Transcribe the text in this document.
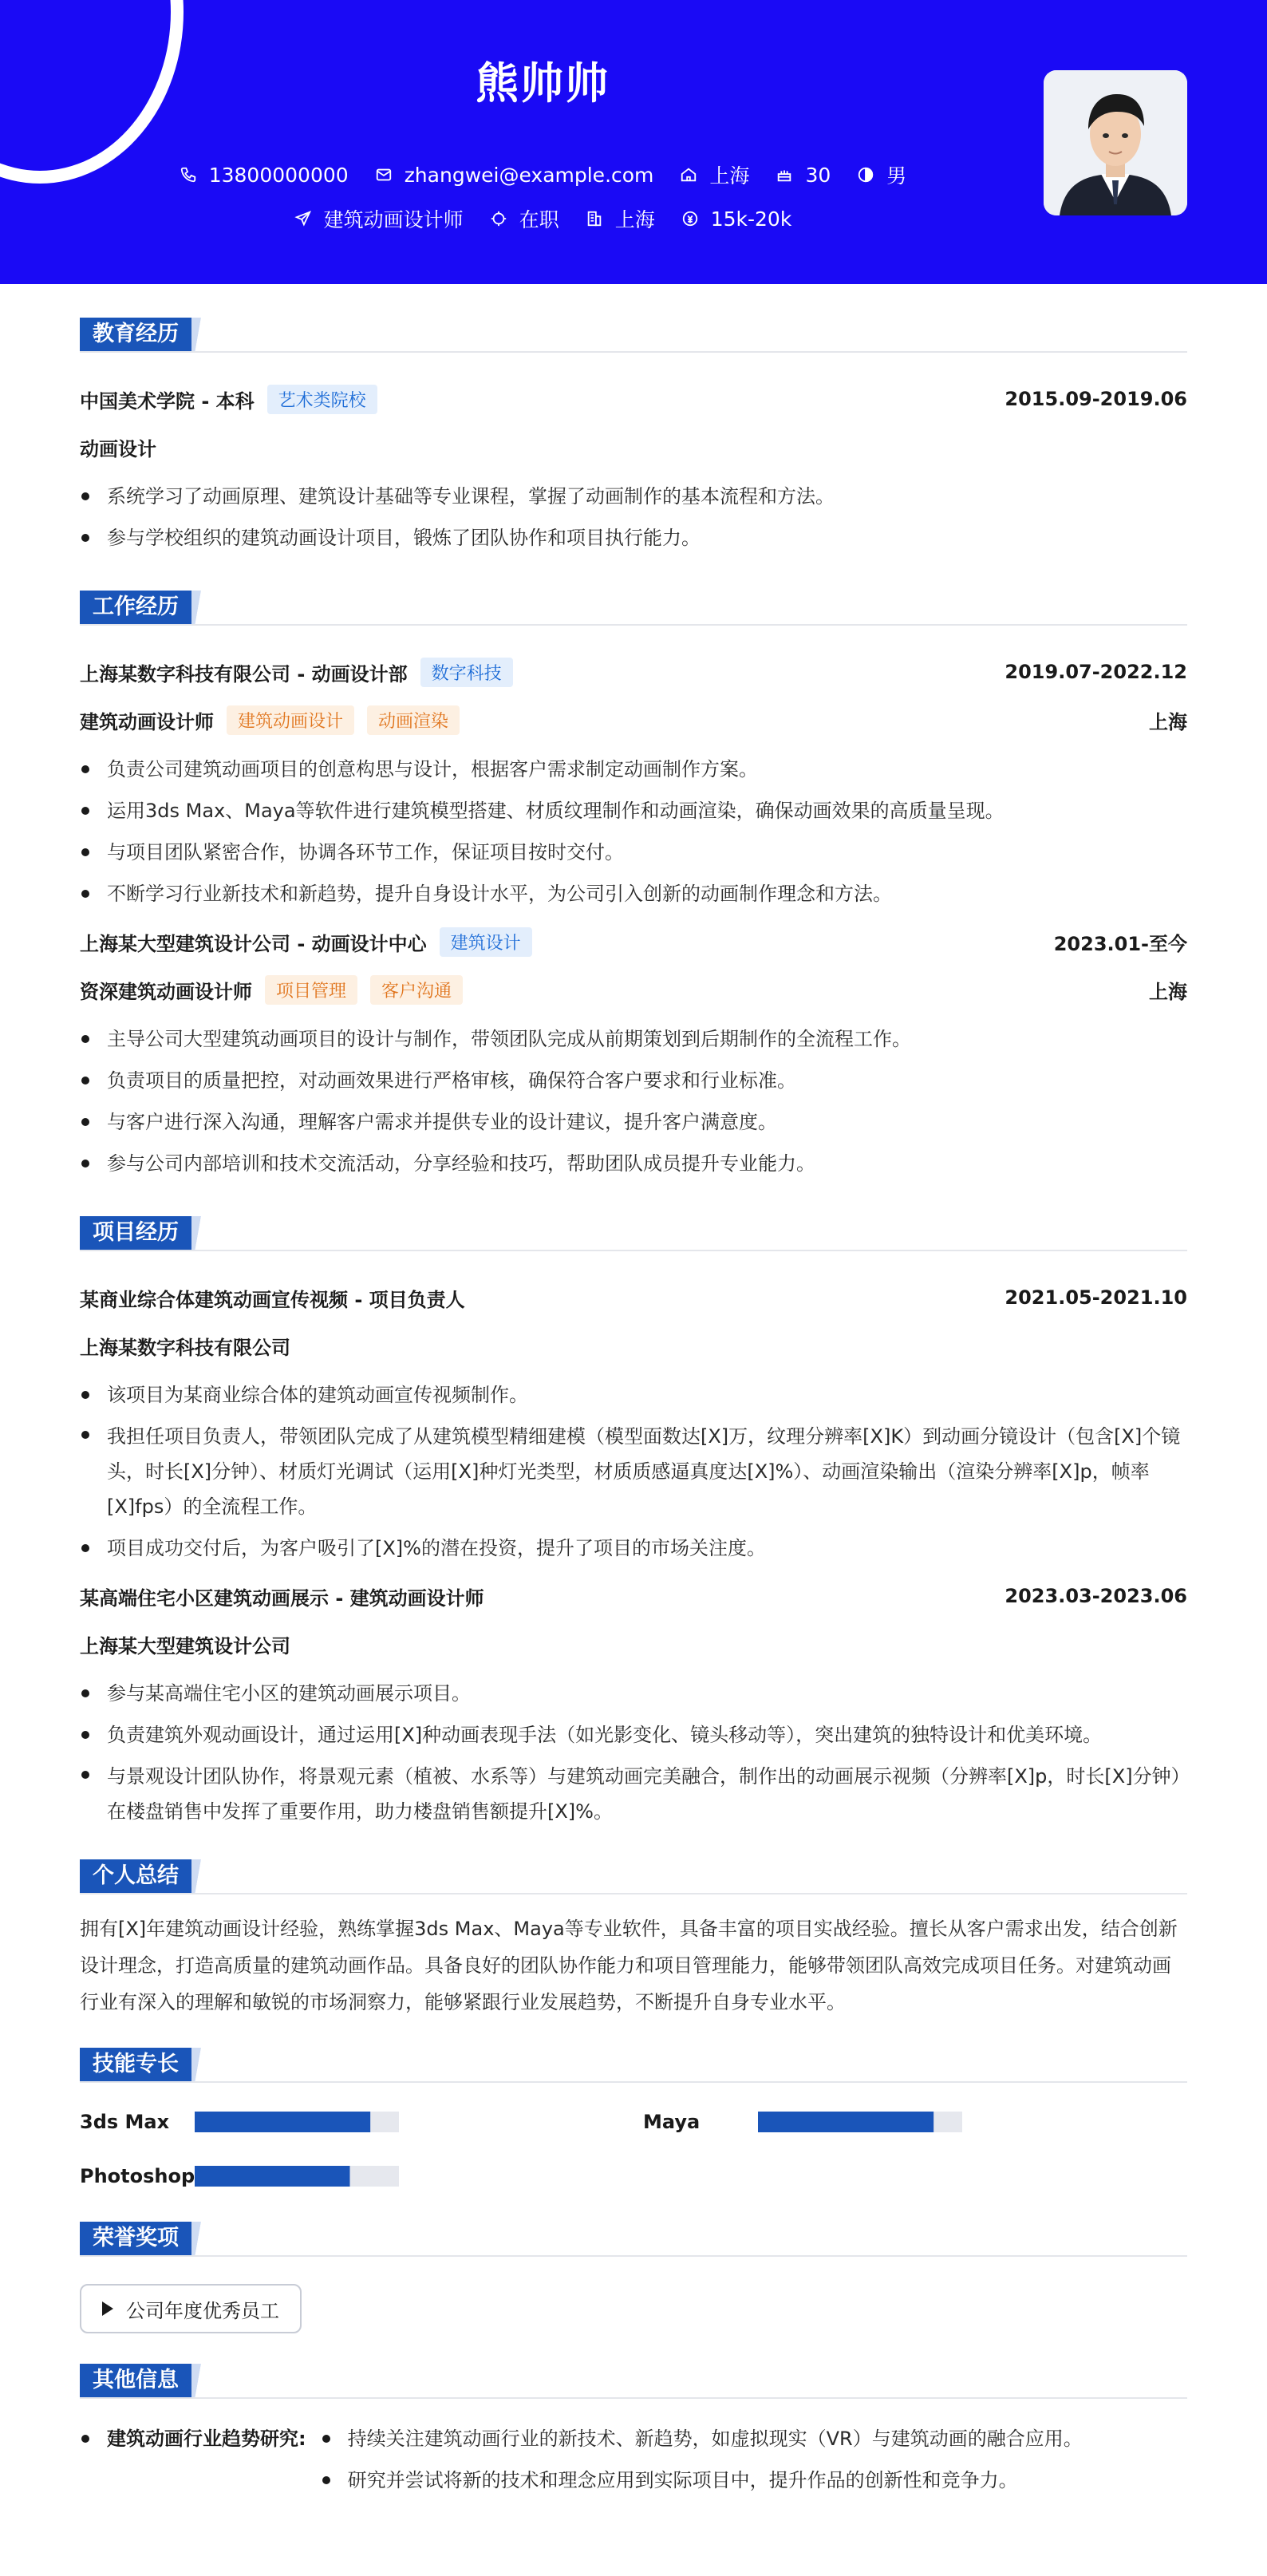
熊帅帅
13800000000	zhangwei@example.com	上海	30	男
建筑动画设计师	在职	上海	15k-20k
教育经历
中国美术学院 - 本科	艺术类院校	2015.09-2019.06
动画设计
系统学习了动画原理、建筑设计基础等专业课程，掌握了动画制作的基本流程和方法。
参与学校组织的建筑动画设计项目，锻炼了团队协作和项目执行能力。
工作经历
上海某数字科技有限公司 - 动画设计部	数字科技	2019.07-2022.12
建筑动画设计师	建筑动画设计	动画渲染	上海
负责公司建筑动画项目的创意构思与设计，根据客户需求制定动画制作方案。
运用3ds Max、Maya等软件进行建筑模型搭建、材质纹理制作和动画渲染，确保动画效果的高质量呈现。
与项目团队紧密合作，协调各环节工作，保证项目按时交付。
不断学习行业新技术和新趋势，提升自身设计水平，为公司引入创新的动画制作理念和方法。
上海某大型建筑设计公司 - 动画设计中心	建筑设计	2023.01-至今
资深建筑动画设计师	项目管理	客户沟通	上海
主导公司大型建筑动画项目的设计与制作，带领团队完成从前期策划到后期制作的全流程工作。
负责项目的质量把控，对动画效果进行严格审核，确保符合客户要求和行业标准。
与客户进行深入沟通，理解客户需求并提供专业的设计建议，提升客户满意度。
参与公司内部培训和技术交流活动，分享经验和技巧，帮助团队成员提升专业能力。
项目经历
某商业综合体建筑动画宣传视频 - 项目负责人	2021.05-2021.10
上海某数字科技有限公司
该项目为某商业综合体的建筑动画宣传视频制作。
我担任项目负责人，带领团队完成了从建筑模型精细建模（模型面数达[X]万，纹理分辨率[X]K）到动画分镜设计（包含[X]个镜头，时长[X]分钟）、材质灯光调试（运用[X]种灯光类型，材质质感逼真度达[X]%）、动画渲染输出（渲染分辨率[X]p，帧率[X]fps）的全流程工作。
项目成功交付后，为客户吸引了[X]%的潜在投资，提升了项目的市场关注度。
某高端住宅小区建筑动画展示 - 建筑动画设计师	2023.03-2023.06
上海某大型建筑设计公司
参与某高端住宅小区的建筑动画展示项目。
负责建筑外观动画设计，通过运用[X]种动画表现手法（如光影变化、镜头移动等），突出建筑的独特设计和优美环境。
与景观设计团队协作，将景观元素（植被、水系等）与建筑动画完美融合，制作出的动画展示视频（分辨率[X]p，时长[X]分钟）在楼盘销售中发挥了重要作用，助力楼盘销售额提升[X]%。
个人总结

拥有[X]年建筑动画设计经验，熟练掌握3ds Max、Maya等专业软件，具备丰富的项目实战经验。擅长从客户需求出发，结合创新设计理念，打造高质量的建筑动画作品。具备良好的团队协作能力和项目管理能力，能够带领团队高效完成项目任务。对建筑动画行业有深入的理解和敏锐的市场洞察力，能够紧跟行业发展趋势，不断提升自身专业水平。

技能专长
3ds Max	Maya
Photoshop
荣誉奖项
公司年度优秀员工
其他信息
建筑动画行业趋势研究:	持续关注建筑动画行业的新技术、新趋势，如虚拟现实（VR）与建筑动画的融合应用。
研究并尝试将新的技术和理念应用到实际项目中，提升作品的创新性和竞争力。
